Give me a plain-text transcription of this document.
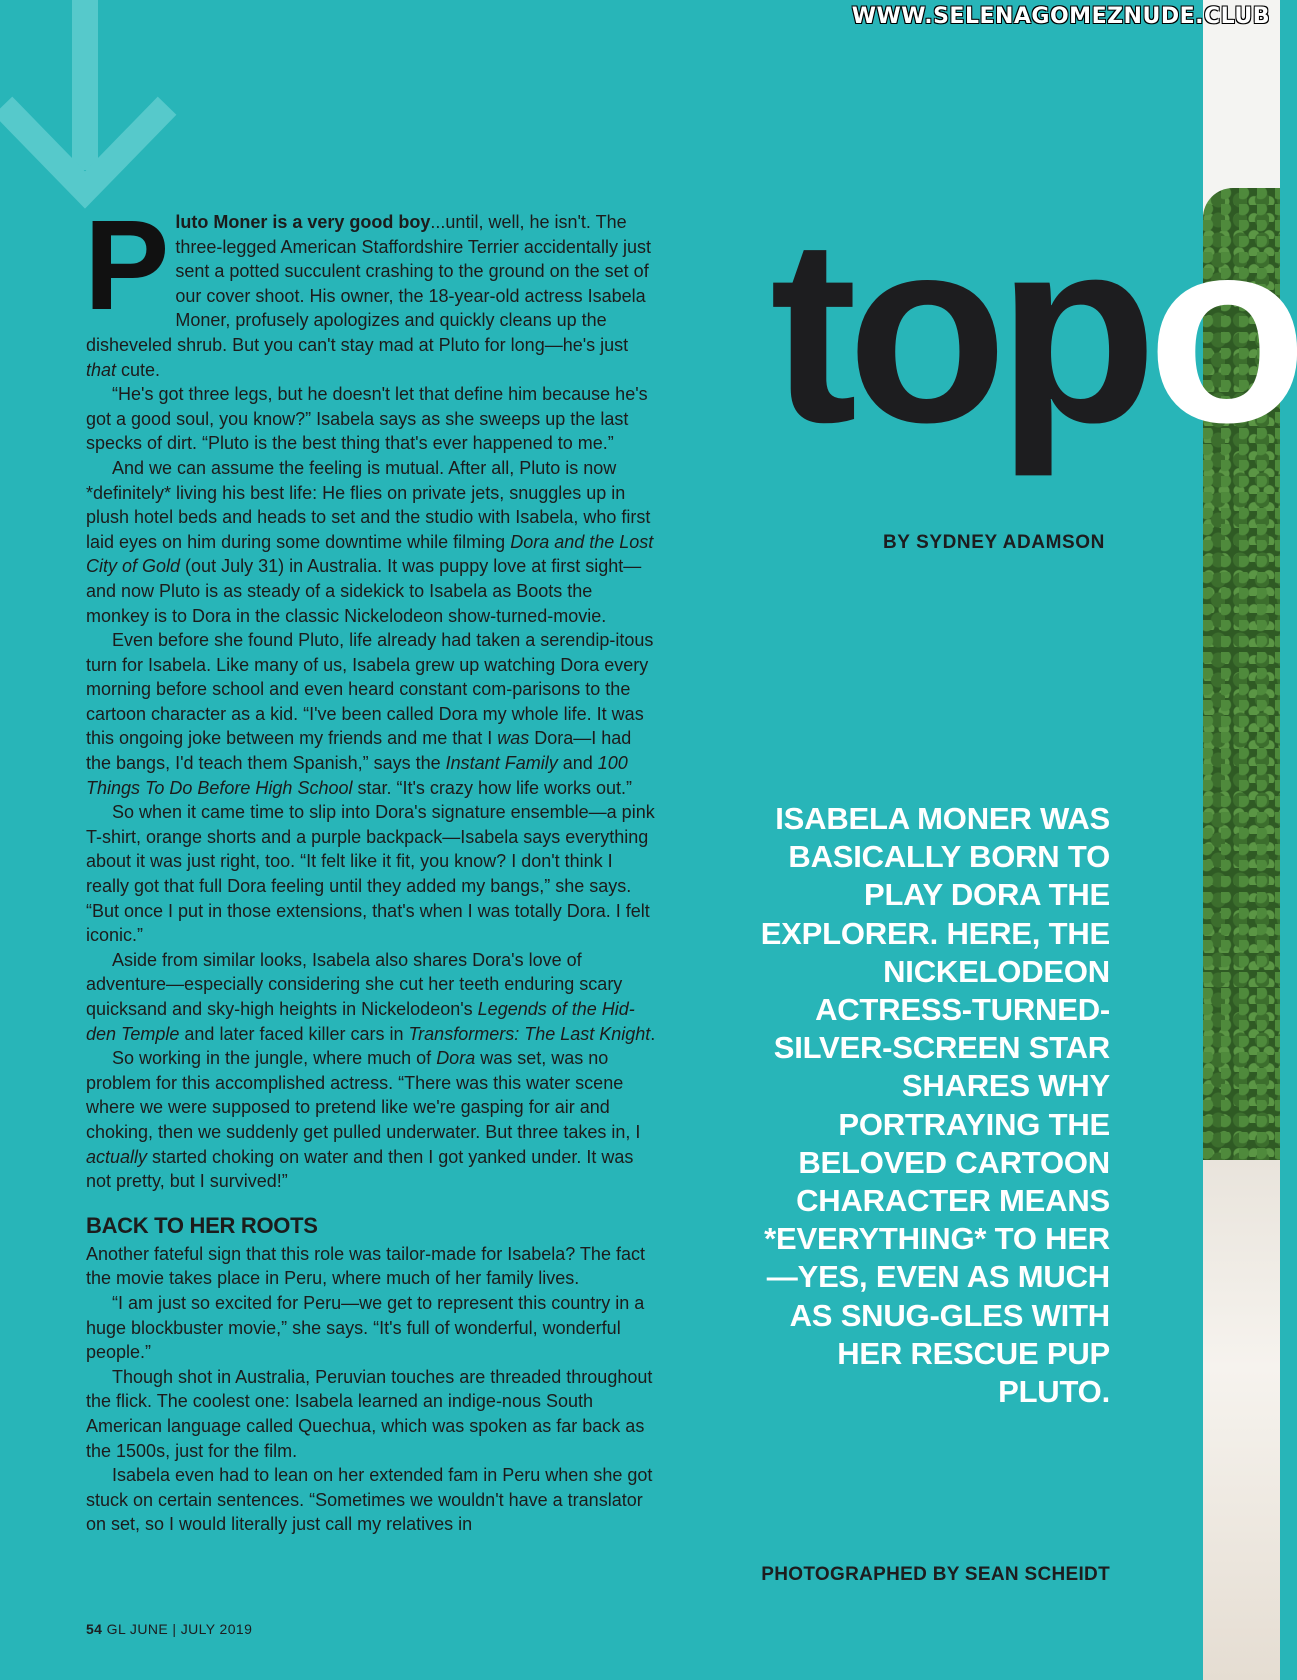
WWW.SELENAGOMEZNUDE.CLUB
topo
BY SYDNEY ADAMSON
ISABELA MONER WAS BASICALLY BORN TO PLAY DORA THE EXPLORER. HERE, THE NICKELODEON ACTRESS-TURNED-SILVER-SCREEN STAR SHARES WHY PORTRAYING THE BELOVED CARTOON CHARACTER MEANS *EVERYTHING* TO HER—YES, EVEN AS MUCH AS SNUG-GLES WITH HER RESCUE PUP PLUTO.
PHOTOGRAPHED BY SEAN SCHEIDT

Pluto Moner is a very good boy...until, well, he isn't. The three-legged American Staffordshire Terrier accidentally just sent a potted succulent crashing to the ground on the set of our cover shoot. His owner, the 18-year-old actress Isabela Moner, profusely apologizes and quickly cleans up the disheveled shrub. But you can't stay mad at Pluto for long—he's just that cute.

“He's got three legs, but he doesn't let that define him because he's got a good soul, you know?” Isabela says as she sweeps up the last specks of dirt. “Pluto is the best thing that's ever happened to me.”

And we can assume the feeling is mutual. After all, Pluto is now *definitely* living his best life: He flies on private jets, snuggles up in plush hotel beds and heads to set and the studio with Isabela, who first laid eyes on him during some downtime while filming Dora and the Lost City of Gold (out July 31) in Australia. It was puppy love at first sight—and now Pluto is as steady of a sidekick to Isabela as Boots the monkey is to Dora in the classic Nickelodeon show-turned-movie.

Even before she found Pluto, life already had taken a serendip-itous turn for Isabela. Like many of us, Isabela grew up watching Dora every morning before school and even heard constant com-parisons to the cartoon character as a kid. “I've been called Dora my whole life. It was this ongoing joke between my friends and me that I was Dora—I had the bangs, I'd teach them Spanish,” says the Instant Family and 100 Things To Do Before High School star. “It's crazy how life works out.”

So when it came time to slip into Dora's signature ensemble—a pink T-shirt, orange shorts and a purple backpack—Isabela says everything about it was just right, too. “It felt like it fit, you know? I don't think I really got that full Dora feeling until they added my bangs,” she says. “But once I put in those extensions, that's when I was totally Dora. I felt iconic.”

Aside from similar looks, Isabela also shares Dora's love of adventure—especially considering she cut her teeth enduring scary quicksand and sky-high heights in Nickelodeon's Legends of the Hid-den Temple and later faced killer cars in Transformers: The Last Knight.

So working in the jungle, where much of Dora was set, was no problem for this accomplished actress. “There was this water scene where we were supposed to pretend like we're gasping for air and choking, then we suddenly get pulled underwater. But three takes in, I actually started choking on water and then I got yanked under. It was not pretty, but I survived!”

BACK TO HER ROOTS

Another fateful sign that this role was tailor-made for Isabela? The fact the movie takes place in Peru, where much of her family lives.

“I am just so excited for Peru—we get to represent this country in a huge blockbuster movie,” she says. “It's full of wonderful, wonderful people.”

Though shot in Australia, Peruvian touches are threaded throughout the flick. The coolest one: Isabela learned an indige-nous South American language called Quechua, which was spoken as far back as the 1500s, just for the film.

Isabela even had to lean on her extended fam in Peru when she got stuck on certain sentences. “Sometimes we wouldn't have a translator on set, so I would literally just call my relatives in

54 GL JUNE | JULY 2019
